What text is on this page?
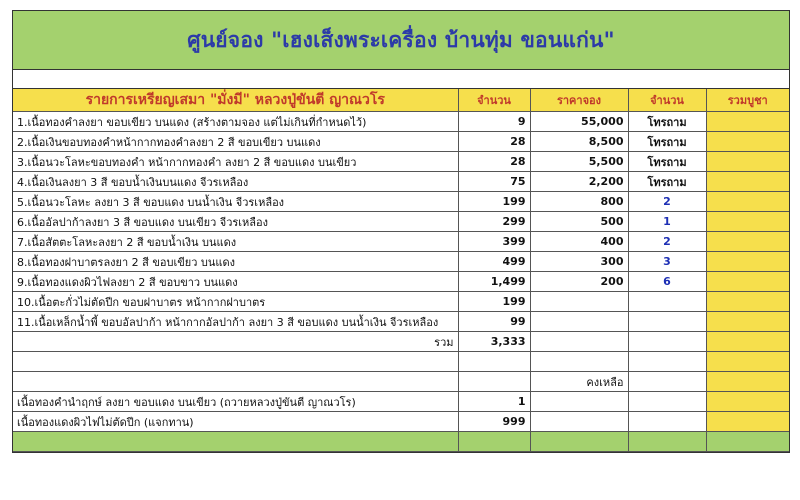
ศูนย์จอง "เฮงเส็งพระเครื่อง บ้านทุ่ม ขอนแก่น"
รายการเหรียญเสมา "มั่งมี" หลวงปู่ขันตี ญาณวโร	จำนวน	ราคาจอง	จำนวน	รวมบูชา
1.เนื้อทองคำลงยา ขอบเขียว บนแดง (สร้างตามจอง แต่ไม่เกินที่กำหนดไว้)	9	55,000	โทรถาม	
2.เนื้อเงินขอบทองคำหน้ากากทองคำลงยา 2 สี ขอบเขียว บนแดง	28	8,500	โทรถาม	
3.เนื้อนวะโลหะขอบทองคำ หน้ากากทองคำ ลงยา 2 สี ขอบแดง บนเขียว	28	5,500	โทรถาม	
4.เนื้อเงินลงยา 3 สี ขอบน้ำเงินบนแดง จีวรเหลือง	75	2,200	โทรถาม	
5.เนื้อนวะโลหะ ลงยา 3 สี ขอบแดง บนน้ำเงิน จีวรเหลือง	199	800	2	
6.เนื้ออัลปาก้าลงยา 3 สี ขอบแดง บนเขียว จีวรเหลือง	299	500	1	
7.เนื้อสัตตะโลหะลงยา 2 สี ขอบน้ำเงิน บนแดง	399	400	2	
8.เนื้อทองฝาบาตรลงยา 2 สี ขอบเขียว บนแดง	499	300	3	
9.เนื้อทองแดงผิวไฟลงยา 2 สี ขอบขาว บนแดง	1,499	200	6	
10.เนื้อตะกั่วไม่ตัดปีก ขอบฝาบาตร หน้ากากฝาบาตร	199			
11.เนื้อเหล็กน้ำพี้ ขอบอัลปาก้า หน้ากากอัลปาก้า ลงยา 3 สี ขอบแดง บนน้ำเงิน จีวรเหลือง	99			
รวม	3,333			

		คงเหลือ		
เนื้อทองคำนำฤกษ์ ลงยา ขอบแดง บนเขียว (ถวายหลวงปู่ขันตี ญาณวโร)	1			
เนื้อทองแดงผิวไฟไม่ตัดปีก (แจกทาน)	999			
